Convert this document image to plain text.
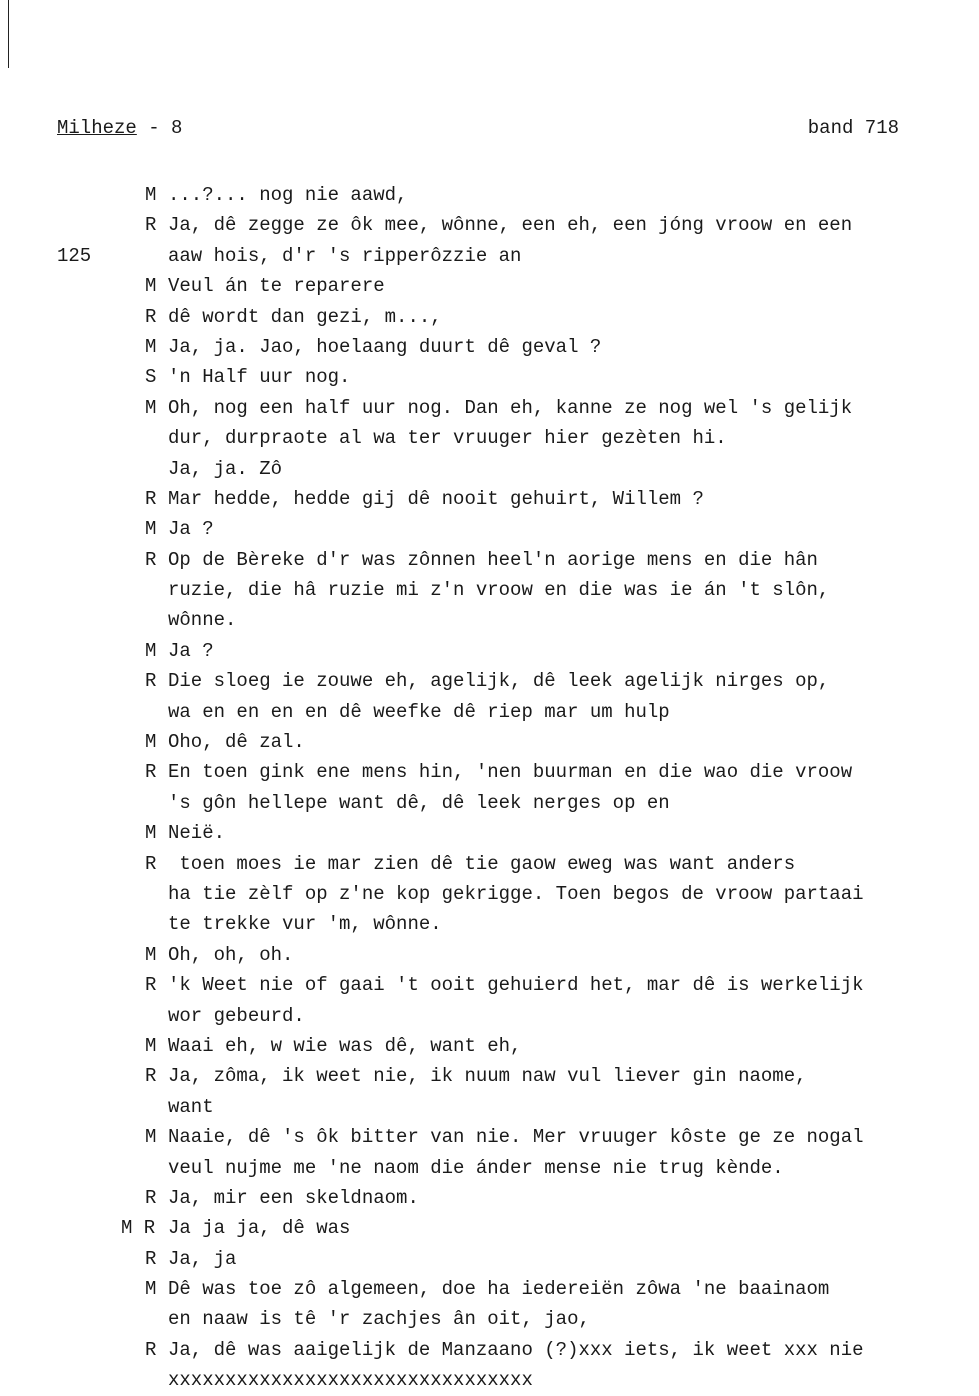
Milheze - 8	band 718
M ...?... nog nie aawd,
R Ja, dê zegge ze ôk mee, wônne, een eh, een jóng vroow en een
125	aaw hois, d'r 's ripperôzzie an
M Veul án te reparere
R dê wordt dan gezi, m...,
M Ja, ja. Jao, hoelaang duurt dê geval ?
S 'n Half uur nog.
M Oh, nog een half uur nog. Dan eh, kanne ze nog wel 's gelijk
dur, durpraote al wa ter vruuger hier gezèten hi.
Ja, ja. Zô
R Mar hedde, hedde gij dê nooit gehuirt, Willem ?
M Ja ?
R Op de Bèreke d'r was zônnen heel'n aorige mens en die hân
ruzie, die hâ ruzie mi z'n vroow en die was ie án 't slôn,
wônne.
M Ja ?
R Die sloeg ie zouwe eh, agelijk, dê leek agelijk nirges op,
wa en en en en dê weefke dê riep mar um hulp
M Oho, dê zal.
R En toen gink ene mens hin, 'nen buurman en die wao die vroow
's gôn hellepe want dê, dê leek nerges op en
M Neië.
R toen moes ie mar zien dê tie gaow eweg was want anders
ha tie zèlf op z'ne kop gekrigge. Toen begos de vroow partaai
te trekke vur 'm, wônne.
M Oh, oh, oh.
R 'k Weet nie of gaai 't ooit gehuierd het, mar dê is werkelijk
wor gebeurd.
M Waai eh, w wie was dê, want eh,
R Ja, zôma, ik weet nie, ik nuum naw vul liever gin naome,
want
M Naaie, dê 's ôk bitter van nie. Mer vruuger kôste ge ze nogal
veul nujme me 'ne naom die ánder mense nie trug kènde.
R Ja, mir een skeldnaom.
M R Ja ja ja, dê was
R Ja, ja
M Dê was toe zô algemeen, doe ha iedereiën zôwa 'ne baainaom
en naaw is tê 'r zachjes ân oit, jao,
R Ja, dê was aaigelijk de Manzaano (?)xxx iets, ik weet xxx nie
xxxxxxxxxxxxxxxxxxxxxxxxxxxxxxxx
